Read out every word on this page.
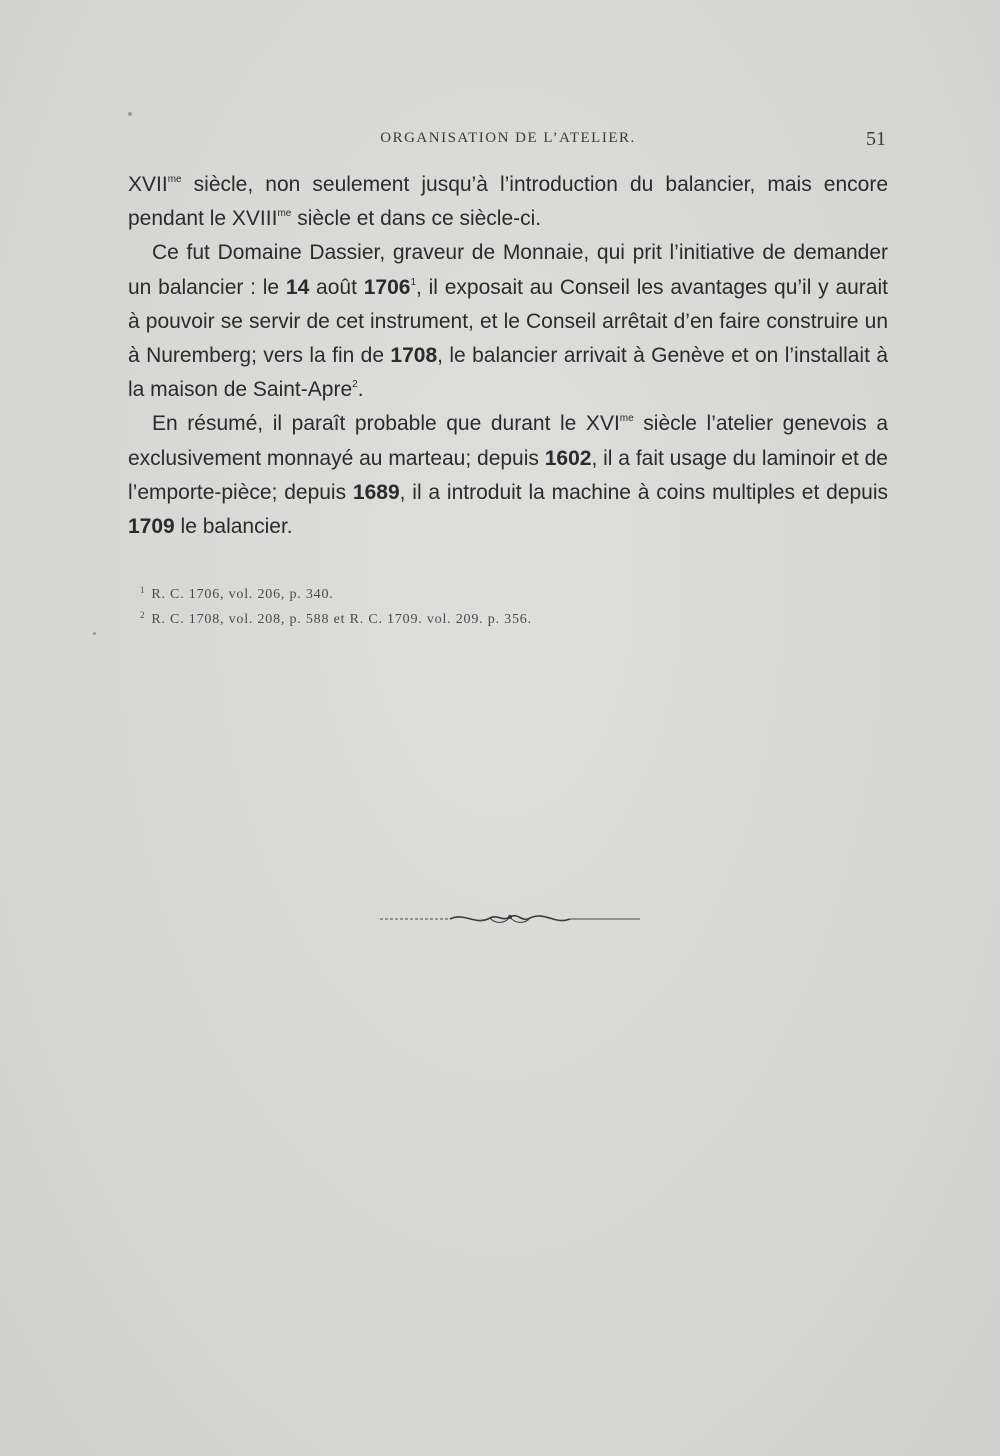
ORGANISATION DE L’ATELIER.	51

$XVII^{me}$ siècle, non seulement jusqu’à l’introduction du balancier, mais encore pendant le $XVIII^{me}$ siècle et dans ce siècle-ci.

Ce fut Domaine Dassier, graveur de Monnaie, qui prit l’initiative de demander un balancier : le 14 août 1706$^1$, il exposait au Conseil les avantages qu’il y aurait à pouvoir se servir de cet instrument, et le Conseil arrêtait d’en faire construire un à Nuremberg; vers la fin de 1708, le balancier arrivait à Genève et on l’installait à la maison de Saint-Apre$^2$.

En résumé, il paraît probable que durant le $XVI^{me}$ siècle l’atelier genevois a exclusivement monnayé au marteau; depuis 1602, il a fait usage du laminoir et de l’emporte-pièce; depuis 1689, il a introduit la machine à coins multiples et depuis 1709 le balancier.

$^1$ R. C. 1706, vol. 206, p. 340.
$^2$ R. C. 1708, vol. 208, p. 588 et R. C. 1709. vol. 209. p. 356.
